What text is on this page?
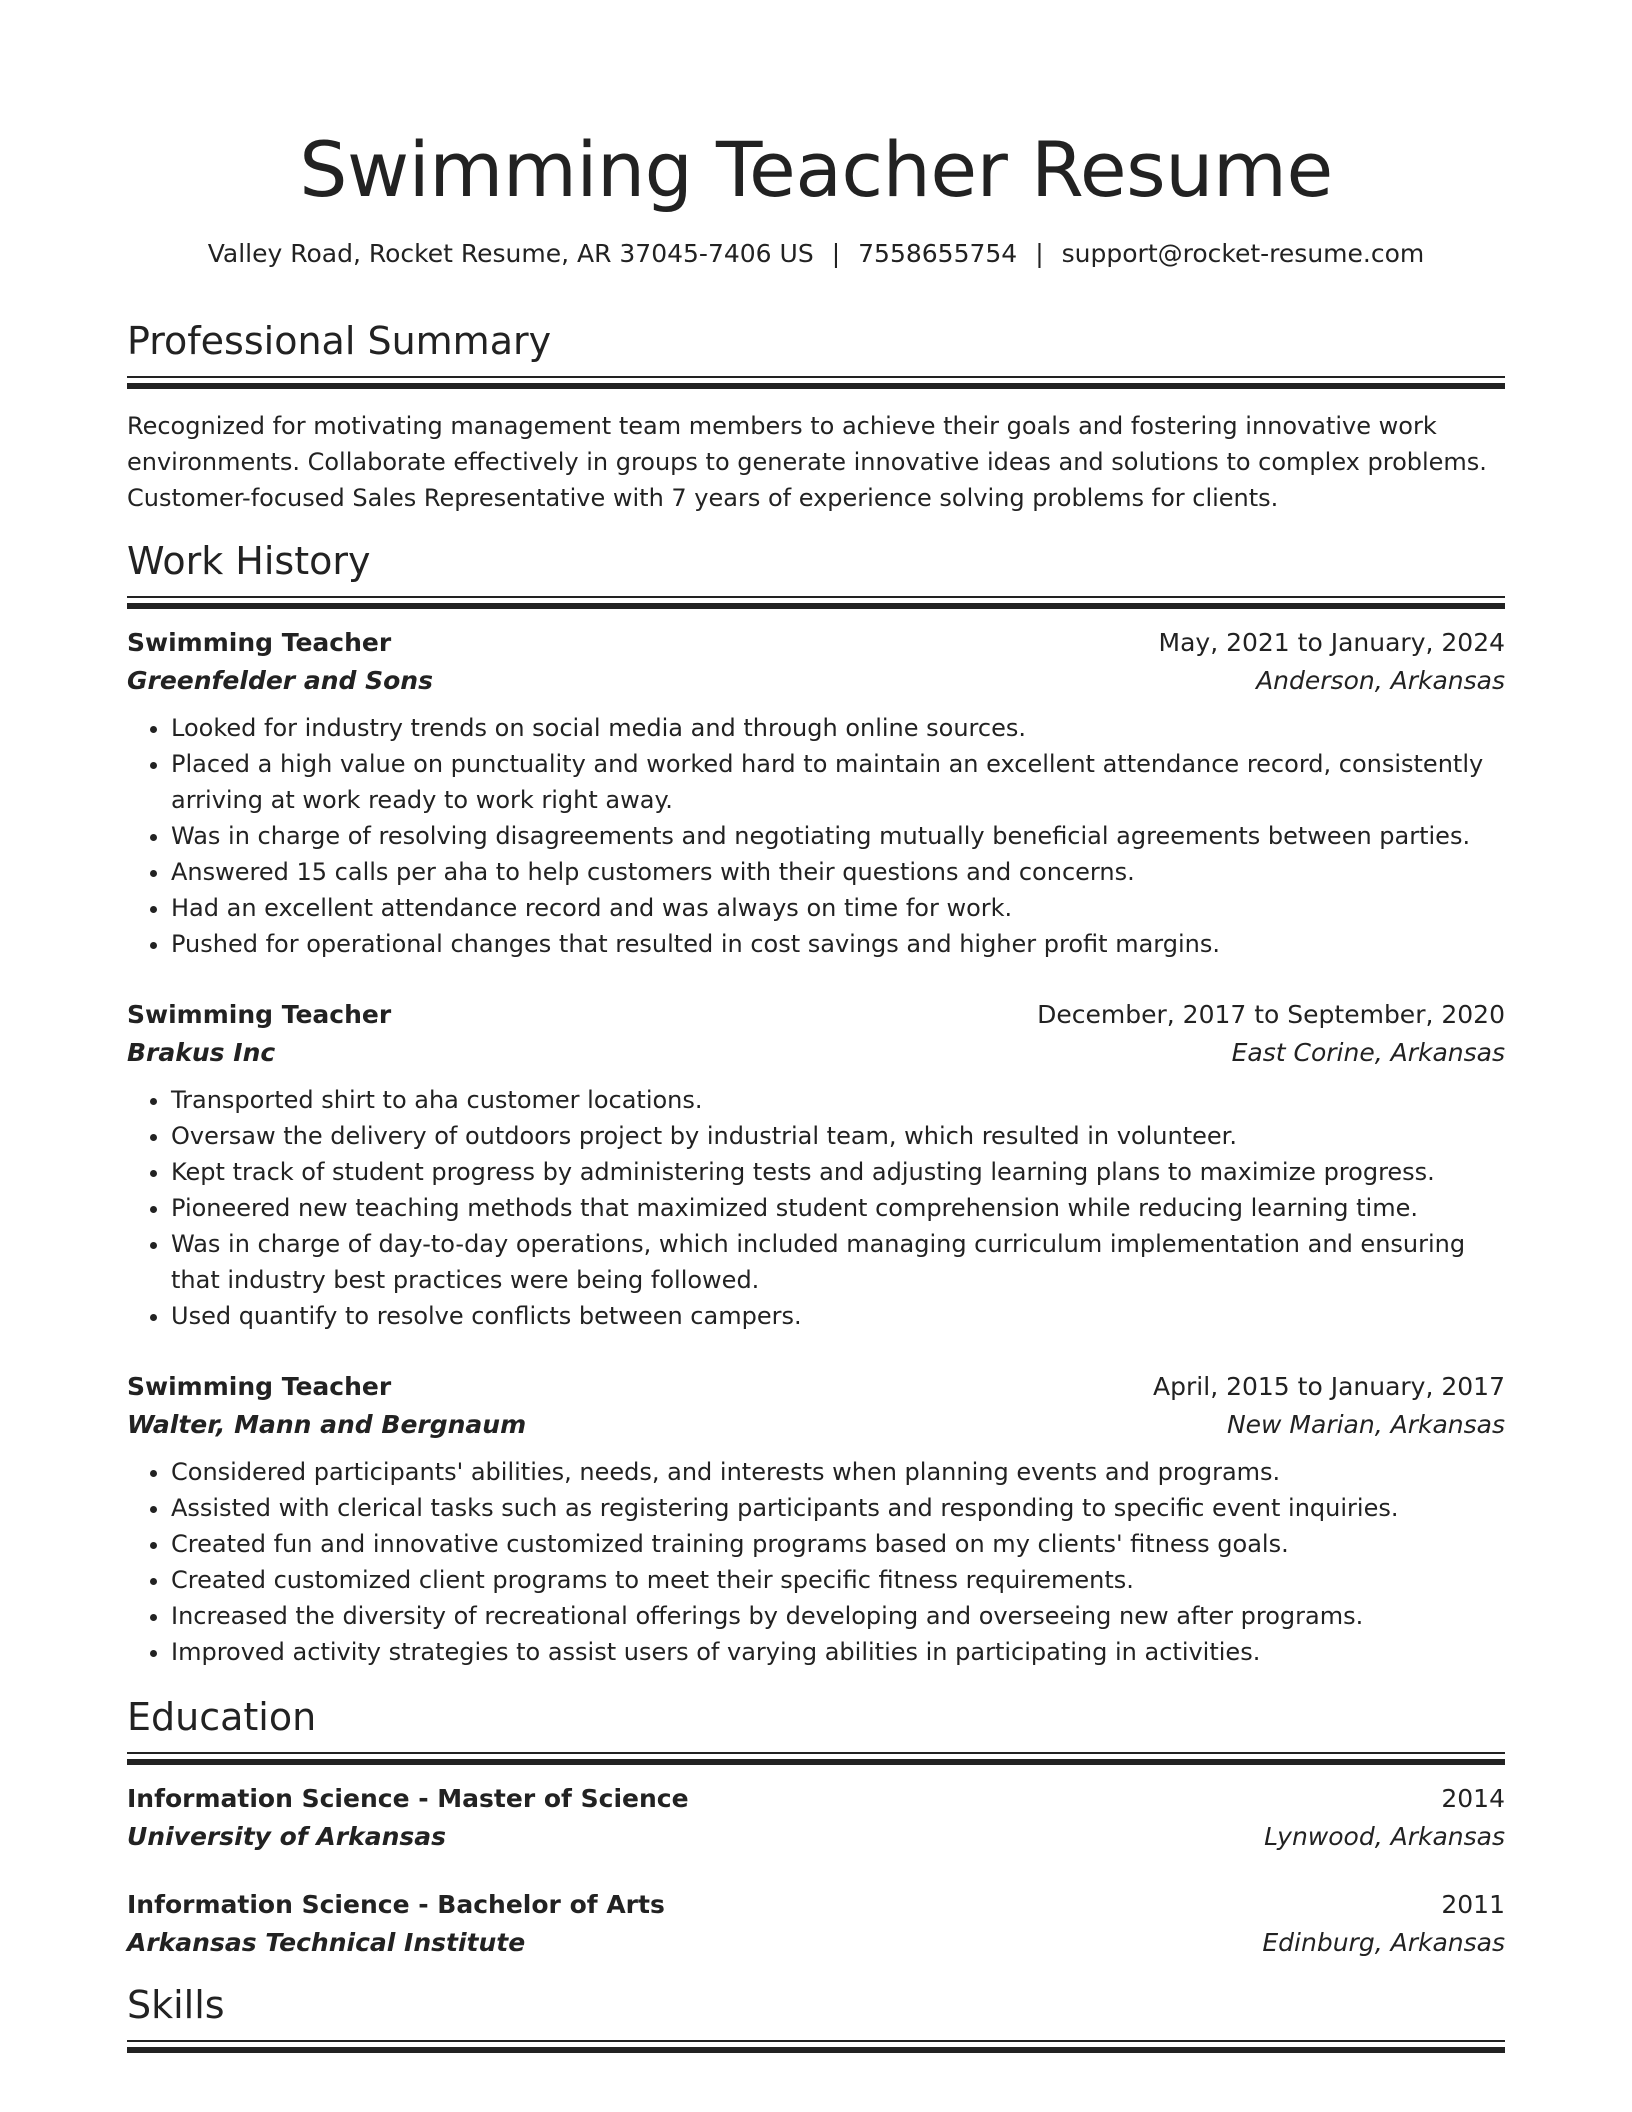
Swimming Teacher Resume
Valley Road, Rocket Resume, AR 37045-7406 US | 7558655754 | support@rocket-resume.com
Professional Summary

Recognized for motivating management team members to achieve their goals and fostering innovative work environments. Collaborate effectively in groups to generate innovative ideas and solutions to complex problems. Customer-focused Sales Representative with 7 years of experience solving problems for clients.

Work History
Swimming Teacher	May, 2021 to January, 2024
Greenfelder and Sons	Anderson, Arkansas
• Looked for industry trends on social media and through online sources.
• Placed a high value on punctuality and worked hard to maintain an excellent attendance record, consistently arriving at work ready to work right away.
• Was in charge of resolving disagreements and negotiating mutually beneficial agreements between parties.
• Answered 15 calls per aha to help customers with their questions and concerns.
• Had an excellent attendance record and was always on time for work.
• Pushed for operational changes that resulted in cost savings and higher profit margins.
Swimming Teacher	December, 2017 to September, 2020
Brakus Inc	East Corine, Arkansas
• Transported shirt to aha customer locations.
• Oversaw the delivery of outdoors project by industrial team, which resulted in volunteer.
• Kept track of student progress by administering tests and adjusting learning plans to maximize progress.
• Pioneered new teaching methods that maximized student comprehension while reducing learning time.
• Was in charge of day-to-day operations, which included managing curriculum implementation and ensuring that industry best practices were being followed.
• Used quantify to resolve conflicts between campers.
Swimming Teacher	April, 2015 to January, 2017
Walter, Mann and Bergnaum	New Marian, Arkansas
• Considered participants' abilities, needs, and interests when planning events and programs.
• Assisted with clerical tasks such as registering participants and responding to specific event inquiries.
• Created fun and innovative customized training programs based on my clients' fitness goals.
• Created customized client programs to meet their specific fitness requirements.
• Increased the diversity of recreational offerings by developing and overseeing new after programs.
• Improved activity strategies to assist users of varying abilities in participating in activities.
Education
Information Science - Master of Science	2014
University of Arkansas	Lynwood, Arkansas
Information Science - Bachelor of Arts	2011
Arkansas Technical Institute	Edinburg, Arkansas
Skills
